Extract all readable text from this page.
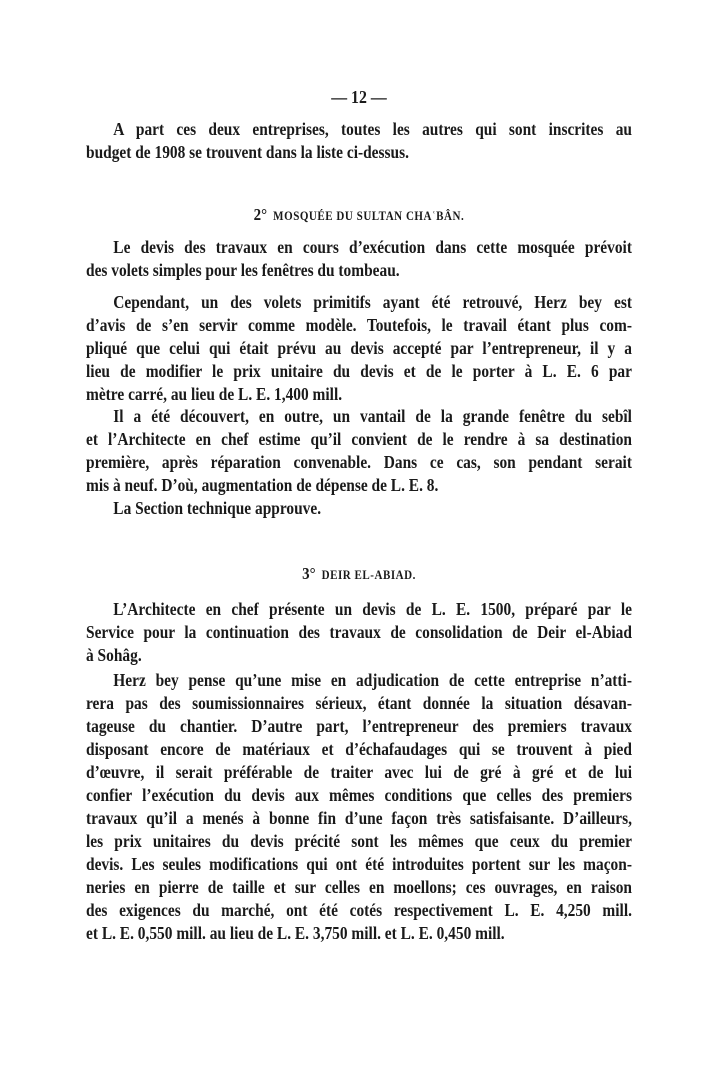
— 12 —
A part ces deux entreprises, toutes les autres qui sont inscrites au
budget de 1908 se trouvent dans la liste ci-dessus.
2°  MOSQUÉE DU SULTAN CHAʿBÂN.
Le devis des travaux en cours d’exécution dans cette mosquée prévoit
des volets simples pour les fenêtres du tombeau.
Cependant, un des volets primitifs ayant été retrouvé, Herz bey est
d’avis de s’en servir comme modèle. Toutefois, le travail étant plus com-
pliqué que celui qui était prévu au devis accepté par l’entrepreneur, il y a
lieu de modifier le prix unitaire du devis et de le porter à L. E. 6 par
mètre carré, au lieu de L. E. 1,400 mill.
Il a été découvert, en outre, un vantail de la grande fenêtre du sebîl
et l’Architecte en chef estime qu’il convient de le rendre à sa destination
première, après réparation convenable. Dans ce cas, son pendant serait
mis à neuf. D’où, augmentation de dépense de L. E. 8.
La Section technique approuve.
3°  DEIR EL-ABIAD.
L’Architecte en chef présente un devis de L. E. 1500, préparé par le
Service pour la continuation des travaux de consolidation de Deir el-Abiad
à Sohâg.
Herz bey pense qu’une mise en adjudication de cette entreprise n’atti-
rera pas des soumissionnaires sérieux, étant donnée la situation désavan-
tageuse du chantier. D’autre part, l’entrepreneur des premiers travaux
disposant encore de matériaux et d’échafaudages qui se trouvent à pied
d’œuvre, il serait préférable de traiter avec lui de gré à gré et de lui
confier l’exécution du devis aux mêmes conditions que celles des premiers
travaux qu’il a menés à bonne fin d’une façon très satisfaisante. D’ailleurs,
les prix unitaires du devis précité sont les mêmes que ceux du premier
devis. Les seules modifications qui ont été introduites portent sur les maçon-
neries en pierre de taille et sur celles en moellons; ces ouvrages, en raison
des exigences du marché, ont été cotés respectivement L. E. 4,250 mill.
et L. E. 0,550 mill. au lieu de L. E. 3,750 mill. et L. E. 0,450 mill.
